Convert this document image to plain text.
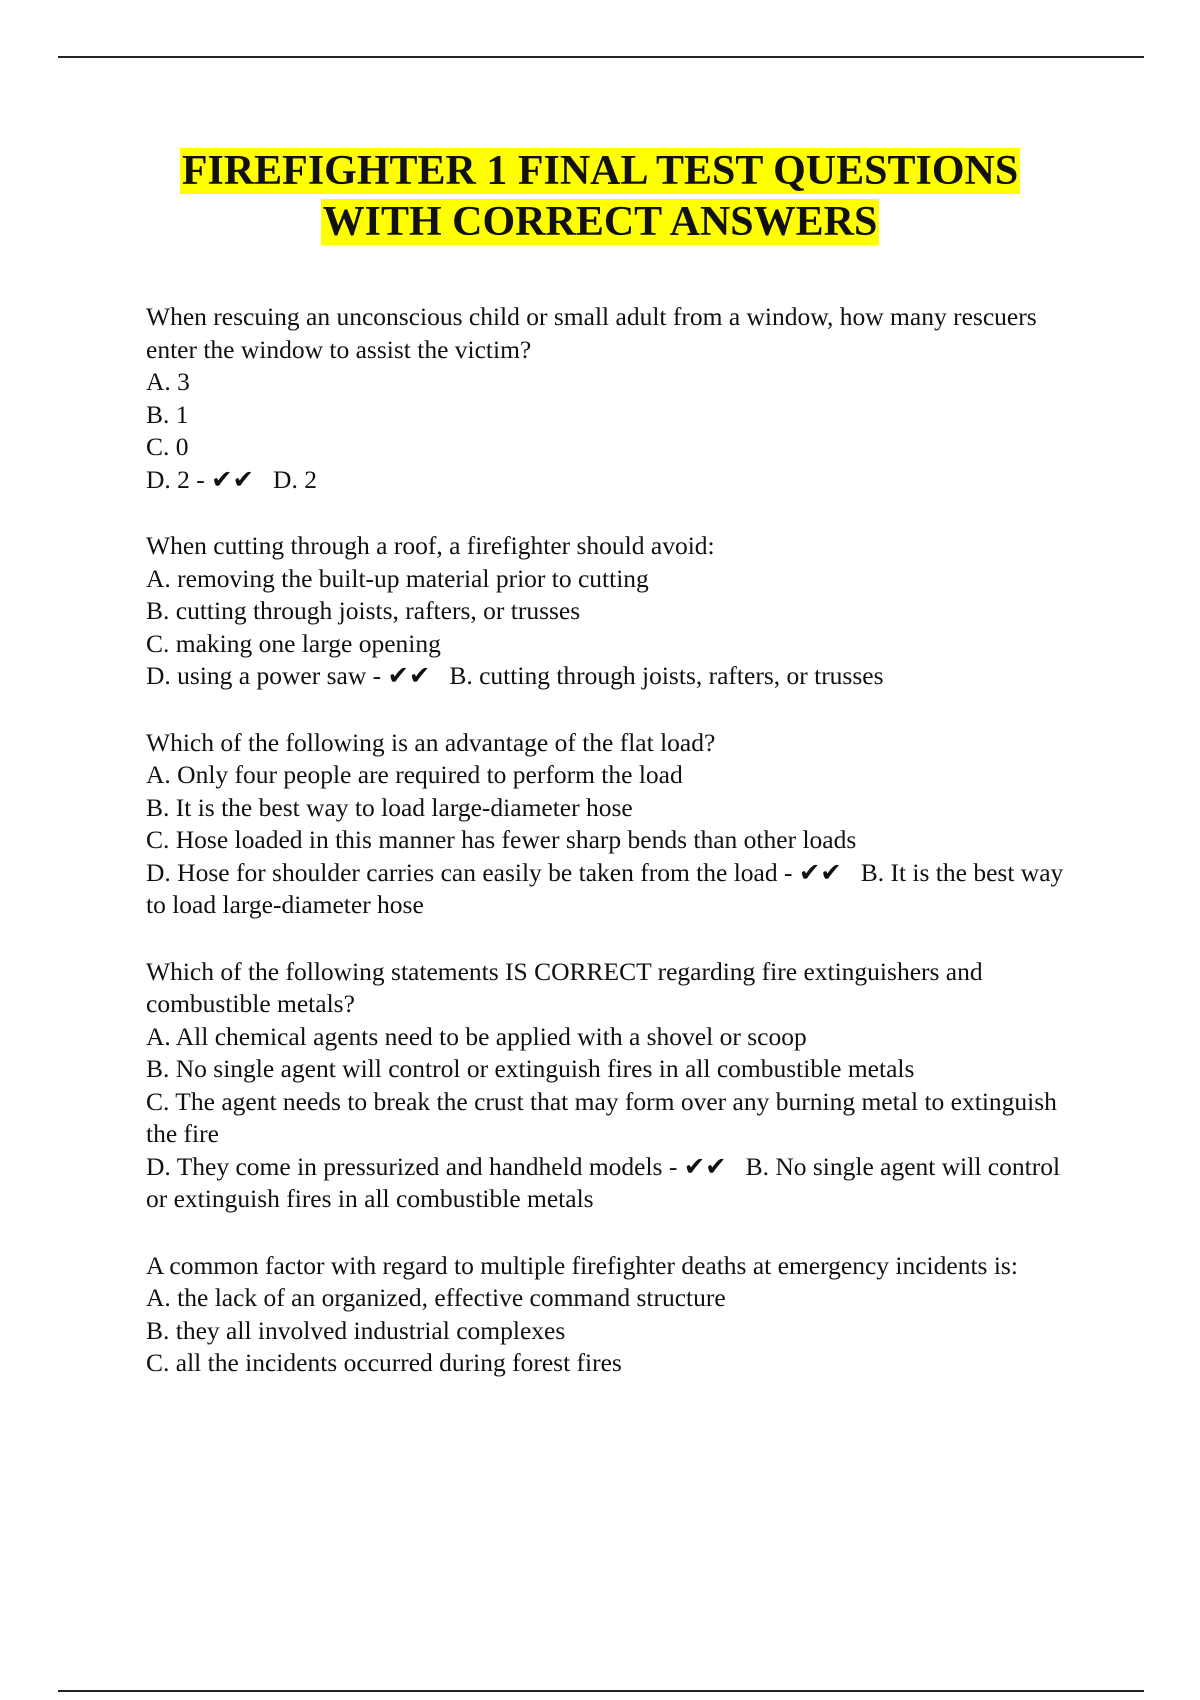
FIREFIGHTER 1 FINAL TEST QUESTIONS
WITH CORRECT ANSWERS

When rescuing an unconscious child or small adult from a window, how many rescuers enter the window to assist the victim?

A. 3

B. 1

C. 0

D. 2 - ✔✔ D. 2

When cutting through a roof, a firefighter should avoid:

A. removing the built-up material prior to cutting

B. cutting through joists, rafters, or trusses

C. making one large opening

D. using a power saw - ✔✔ B. cutting through joists, rafters, or trusses

Which of the following is an advantage of the flat load?

A. Only four people are required to perform the load

B. It is the best way to load large-diameter hose

C. Hose loaded in this manner has fewer sharp bends than other loads

D. Hose for shoulder carries can easily be taken from the load - ✔✔ B. It is the best way to load large-diameter hose

Which of the following statements IS CORRECT regarding fire extinguishers and combustible metals?

A. All chemical agents need to be applied with a shovel or scoop

B. No single agent will control or extinguish fires in all combustible metals

C. The agent needs to break the crust that may form over any burning metal to extinguish the fire

D. They come in pressurized and handheld models - ✔✔ B. No single agent will control or extinguish fires in all combustible metals

A common factor with regard to multiple firefighter deaths at emergency incidents is:

A. the lack of an organized, effective command structure

B. they all involved industrial complexes

C. all the incidents occurred during forest fires
